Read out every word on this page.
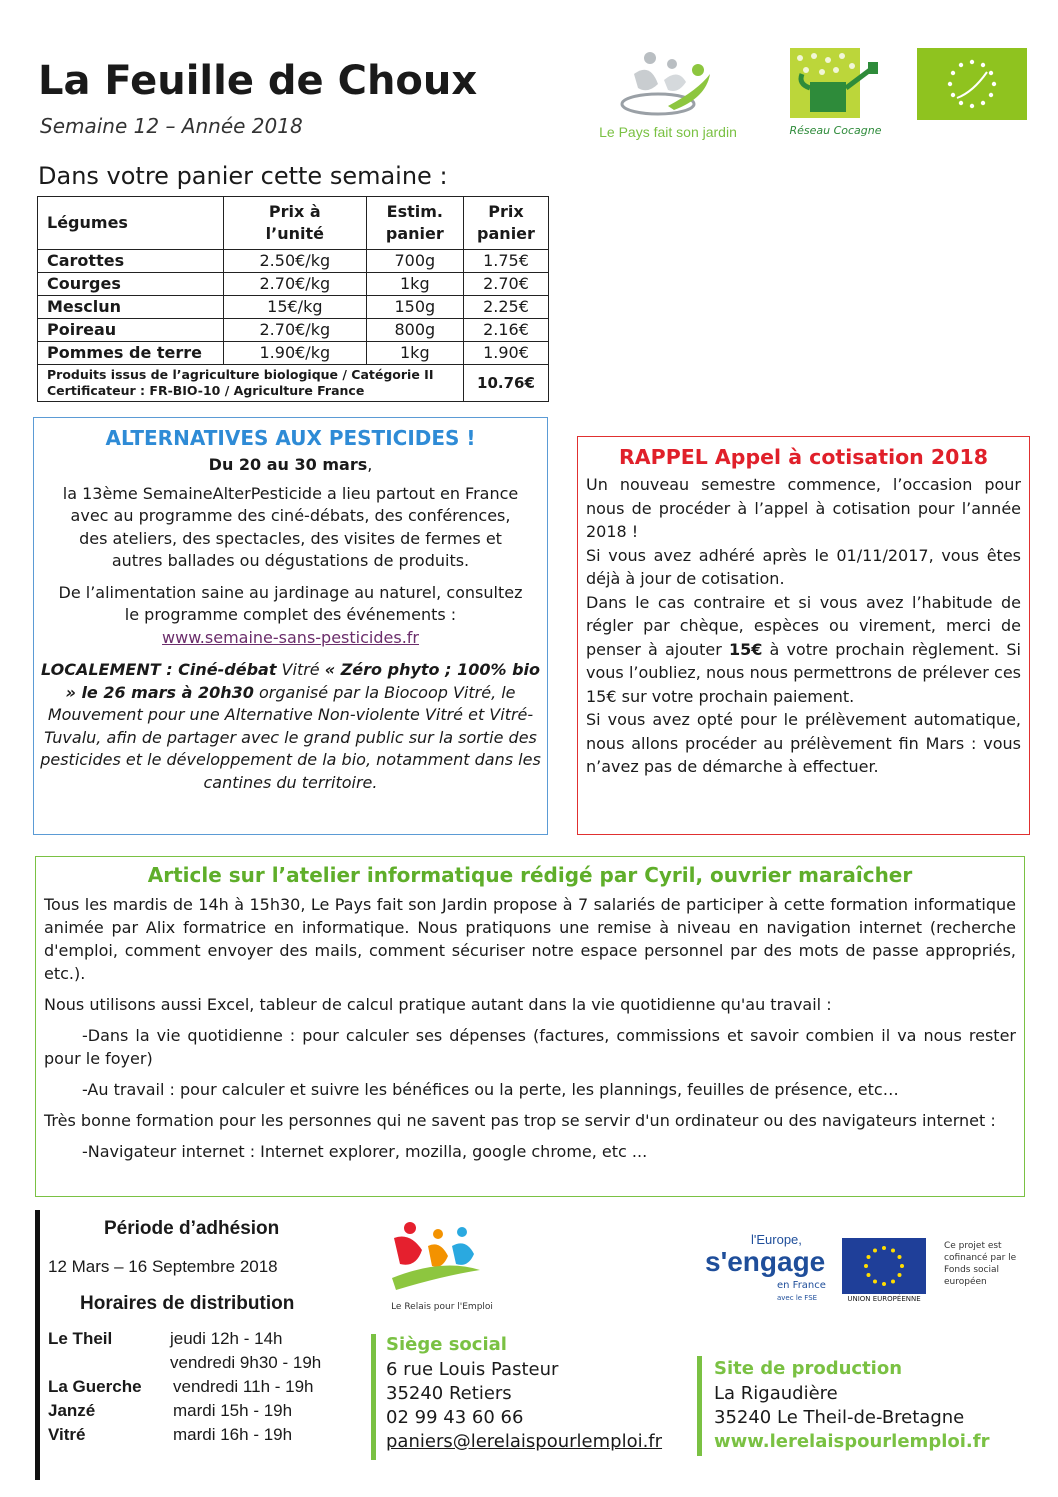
La Feuille de Choux
Semaine 12 – Année 2018
Dans votre panier cette semaine :
Le Pays fait son jardin	Réseau Cocagne
Légumes	Prix à l’unité	Estim. panier	Prix panier
Carottes	2.50€/kg	700g	1.75€
Courges	2.70€/kg	1kg	2.70€
Mesclun	15€/kg	150g	2.25€
Poireau	2.70€/kg	800g	2.16€
Pommes de terre	1.90€/kg	1kg	1.90€

Produits issus de l’agriculture biologique / Catégorie II
Certificateur : FR-BIO-10 / Agriculture France			10.76€
ALTERNATIVES AUX PESTICIDES !
Du 20 au 30 mars,
la 13ème SemaineAlterPesticide a lieu partout en France avec au programme des ciné-débats, des conférences, des ateliers, des spectacles, des visites de fermes et autres ballades ou dégustations de produits.
De l’alimentation saine au jardinage au naturel, consultez le programme complet des événements :
www.semaine-sans-pesticides.fr
LOCALEMENT : Ciné-débat Vitré « Zéro phyto ; 100% bio » le 26 mars à 20h30 organisé par la Biocoop Vitré, le Mouvement pour une Alternative Non-violente Vitré et Vitré-Tuvalu, afin de partager avec le grand public sur la sortie des pesticides et le développement de la bio, notamment dans les cantines du territoire.
RAPPEL Appel à cotisation 2018
Un nouveau semestre commence, l’occasion pour nous de procéder à l’appel à cotisation pour l’année 2018 !
Si vous avez adhéré après le 01/11/2017, vous êtes déjà à jour de cotisation.
Dans le cas contraire et si vous avez l’habitude de régler par chèque, espèces ou virement, merci de penser à ajouter 15€ à votre prochain règlement. Si vous l’oubliez, nous nous permettrons de prélever ces 15€ sur votre prochain paiement.
Si vous avez opté pour le prélèvement automatique, nous allons procéder au prélèvement fin Mars : vous n’avez pas de démarche à effectuer.
Article sur l’atelier informatique rédigé par Cyril, ouvrier maraîcher
Tous les mardis de 14h à 15h30, Le Pays fait son Jardin propose à 7 salariés de participer à cette formation informatique animée par Alix formatrice en informatique. Nous pratiquons une remise à niveau en navigation internet (recherche d'emploi, comment envoyer des mails, comment sécuriser notre espace personnel par des mots de passe appropriés, etc.).
Nous utilisons aussi Excel, tableur de calcul pratique autant dans la vie quotidienne qu'au travail :
-Dans la vie quotidienne : pour calculer ses dépenses (factures, commissions et savoir combien il va nous rester pour le foyer)
-Au travail : pour calculer et suivre les bénéfices ou la perte, les plannings, feuilles de présence, etc…
Très bonne formation pour les personnes qui ne savent pas trop se servir d'un ordinateur ou des navigateurs internet :
-Navigateur internet : Internet explorer, mozilla, google chrome, etc ...
Période d’adhésion
12 Mars – 16 Septembre 2018
Horaires de distribution
Le Theil	jeudi 12h - 14h
vendredi 9h30 - 19h
La Guerche vendredi 11h - 19h
Janzé	mardi 15h - 19h
Vitré	mardi 16h - 19h
Le Relais pour l'Emploi
l'Europe,
s'engage
en France
avec le FSE	UNION EUROPÉENNE
Ce projet est cofinancé par le Fonds social européen
Siège social
6 rue Louis Pasteur
35240 Retiers
02 99 43 60 66
paniers@lerelaispourlemploi.fr
Site de production
La Rigaudière
35240 Le Theil-de-Bretagne
www.lerelaispourlemploi.fr
